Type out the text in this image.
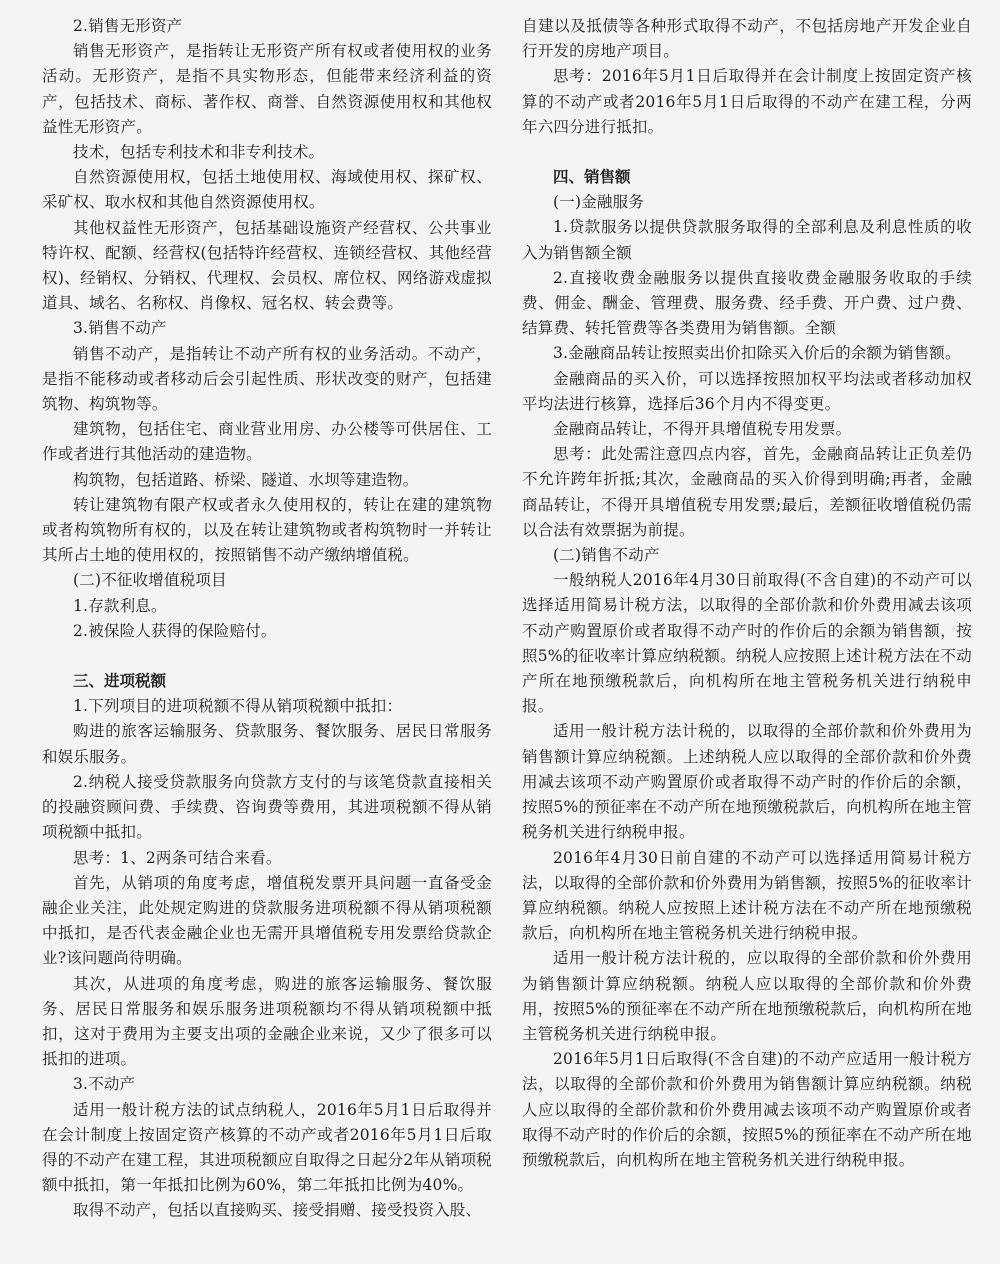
2.销售无形资产

销售无形资产，是指转让无形资产所有权或者使用权的业务活动。无形资产，是指不具实物形态，但能带来经济利益的资产，包括技术、商标、著作权、商誉、自然资源使用权和其他权益性无形资产。

技术，包括专利技术和非专利技术。

自然资源使用权，包括土地使用权、海域使用权、探矿权、采矿权、取水权和其他自然资源使用权。

其他权益性无形资产，包括基础设施资产经营权、公共事业特许权、配额、经营权(包括特许经营权、连锁经营权、其他经营权)、经销权、分销权、代理权、会员权、席位权、网络游戏虚拟道具、域名、名称权、肖像权、冠名权、转会费等。

3.销售不动产

销售不动产，是指转让不动产所有权的业务活动。不动产，是指不能移动或者移动后会引起性质、形状改变的财产，包括建筑物、构筑物等。

建筑物，包括住宅、商业营业用房、办公楼等可供居住、工作或者进行其他活动的建造物。

构筑物，包括道路、桥梁、隧道、水坝等建造物。

转让建筑物有限产权或者永久使用权的，转让在建的建筑物或者构筑物所有权的，以及在转让建筑物或者构筑物时一并转让其所占土地的使用权的，按照销售不动产缴纳增值税。

(二)不征收增值税项目

1.存款利息。

2.被保险人获得的保险赔付。

三、进项税额

1.下列项目的进项税额不得从销项税额中抵扣：

购进的旅客运输服务、贷款服务、餐饮服务、居民日常服务和娱乐服务。

2.纳税人接受贷款服务向贷款方支付的与该笔贷款直接相关的投融资顾问费、手续费、咨询费等费用，其进项税额不得从销项税额中抵扣。

思考：1、2两条可结合来看。

首先，从销项的角度考虑，增值税发票开具问题一直备受金融企业关注，此处规定购进的贷款服务进项税额不得从销项税额中抵扣，是否代表金融企业也无需开具增值税专用发票给贷款企业?该问题尚待明确。

其次，从进项的角度考虑，购进的旅客运输服务、餐饮服务、居民日常服务和娱乐服务进项税额均不得从销项税额中抵扣，这对于费用为主要支出项的金融企业来说，又少了很多可以抵扣的进项。

3.不动产

适用一般计税方法的试点纳税人，2016年5月1日后取得并在会计制度上按固定资产核算的不动产或者2016年5月1日后取得的不动产在建工程，其进项税额应自取得之日起分2年从销项税额中抵扣，第一年抵扣比例为60%，第二年抵扣比例为40%。

取得不动产，包括以直接购买、接受捐赠、接受投资入股、

自建以及抵债等各种形式取得不动产，不包括房地产开发企业自行开发的房地产项目。

思考：2016年5月1日后取得并在会计制度上按固定资产核算的不动产或者2016年5月1日后取得的不动产在建工程，分两年六四分进行抵扣。

四、销售额

(一)金融服务

1.贷款服务以提供贷款服务取得的全部利息及利息性质的收入为销售额全额

2.直接收费金融服务以提供直接收费金融服务收取的手续费、佣金、酬金、管理费、服务费、经手费、开户费、过户费、结算费、转托管费等各类费用为销售额。全额

3.金融商品转让按照卖出价扣除买入价后的余额为销售额。

金融商品的买入价，可以选择按照加权平均法或者移动加权平均法进行核算，选择后36个月内不得变更。

金融商品转让，不得开具增值税专用发票。

思考：此处需注意四点内容，首先，金融商品转让正负差仍不允许跨年折抵;其次，金融商品的买入价得到明确;再者，金融商品转让，不得开具增值税专用发票;最后，差额征收增值税仍需以合法有效票据为前提。

(二)销售不动产

一般纳税人2016年4月30日前取得(不含自建)的不动产可以选择适用简易计税方法，以取得的全部价款和价外费用减去该项不动产购置原价或者取得不动产时的作价后的余额为销售额，按照5%的征收率计算应纳税额。纳税人应按照上述计税方法在不动产所在地预缴税款后，向机构所在地主管税务机关进行纳税申报。

适用一般计税方法计税的，以取得的全部价款和价外费用为销售额计算应纳税额。上述纳税人应以取得的全部价款和价外费用减去该项不动产购置原价或者取得不动产时的作价后的余额，按照5%的预征率在不动产所在地预缴税款后，向机构所在地主管税务机关进行纳税申报。

2016年4月30日前自建的不动产可以选择适用简易计税方法，以取得的全部价款和价外费用为销售额，按照5%的征收率计算应纳税额。纳税人应按照上述计税方法在不动产所在地预缴税款后，向机构所在地主管税务机关进行纳税申报。

适用一般计税方法计税的，应以取得的全部价款和价外费用为销售额计算应纳税额。纳税人应以取得的全部价款和价外费用，按照5%的预征率在不动产所在地预缴税款后，向机构所在地主管税务机关进行纳税申报。

2016年5月1日后取得(不含自建)的不动产应适用一般计税方法，以取得的全部价款和价外费用为销售额计算应纳税额。纳税人应以取得的全部价款和价外费用减去该项不动产购置原价或者取得不动产时的作价后的余额，按照5%的预征率在不动产所在地预缴税款后，向机构所在地主管税务机关进行纳税申报。
